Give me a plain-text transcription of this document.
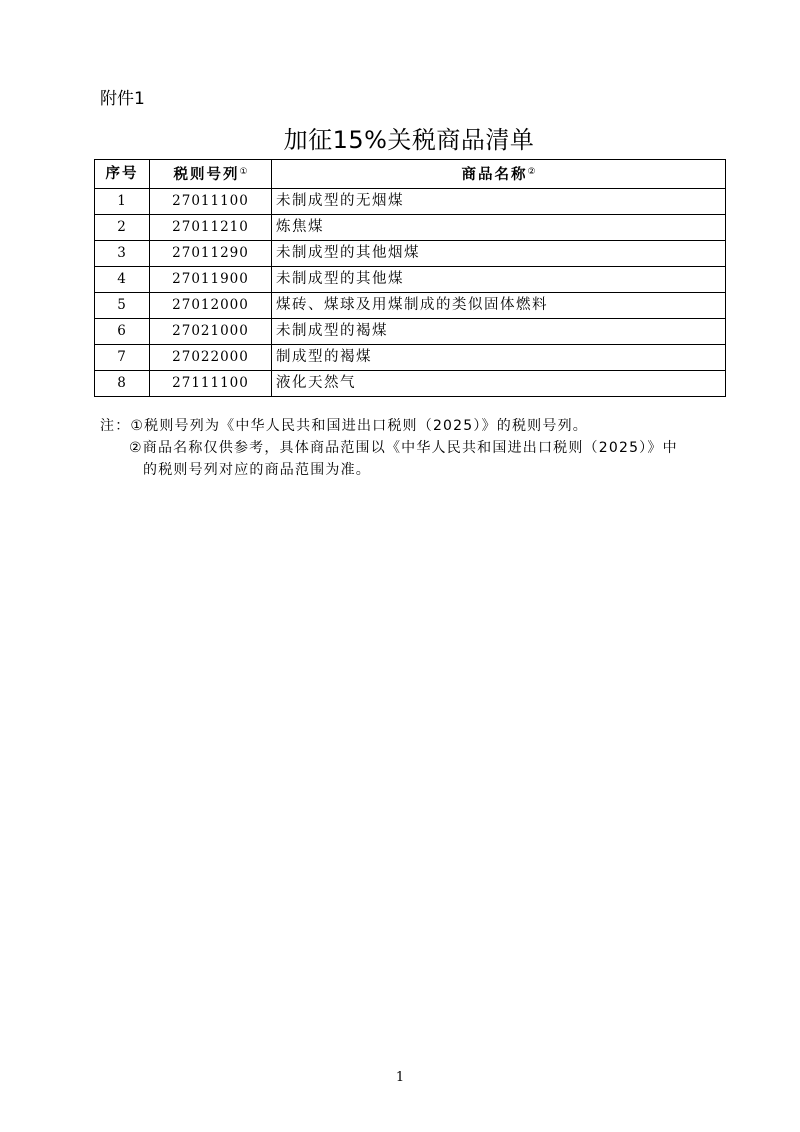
附件1
加征15%关税商品清单
序号	税则号列①	商品名称②
1	27011100	未制成型的无烟煤
2	27011210	炼焦煤
3	27011290	未制成型的其他烟煤
4	27011900	未制成型的其他煤
5	27012000	煤砖、煤球及用煤制成的类似固体燃料
6	27021000	未制成型的褐煤
7	27022000	制成型的褐煤
8	27111100	液化天然气
注：①税则号列为《中华人民共和国进出口税则（2025）》的税则号列。
②商品名称仅供参考，具体商品范围以《中华人民共和国进出口税则（2025）》中
的税则号列对应的商品范围为准。
1
